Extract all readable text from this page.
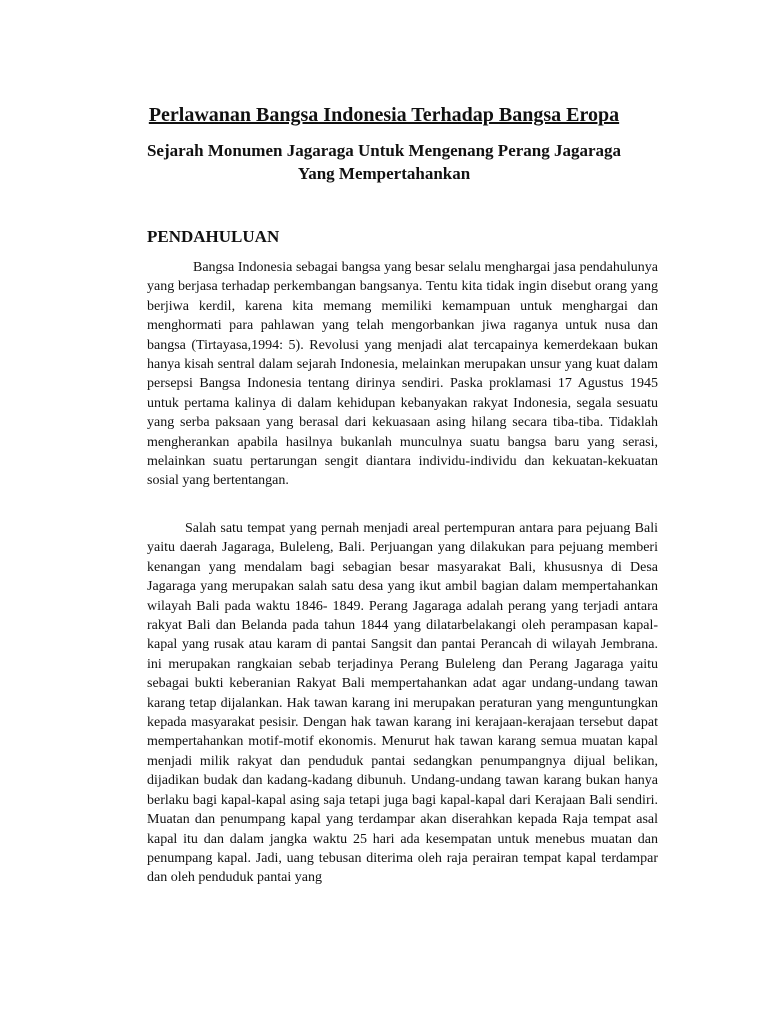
Perlawanan Bangsa Indonesia Terhadap Bangsa Eropa
Sejarah Monumen Jagaraga Untuk Mengenang Perang Jagaraga Yang Mempertahankan
PENDAHULUAN

Bangsa Indonesia sebagai bangsa yang besar selalu menghargai jasa pendahulunya yang berjasa terhadap perkembangan bangsanya. Tentu kita tidak ingin disebut orang yang berjiwa kerdil, karena kita memang memiliki kemampuan untuk menghargai dan menghormati para pahlawan yang telah mengorbankan jiwa raganya untuk nusa dan bangsa (Tirtayasa,1994: 5). Revolusi yang menjadi alat tercapainya kemerdekaan bukan hanya kisah sentral dalam sejarah Indonesia, melainkan merupakan unsur yang kuat dalam persepsi Bangsa Indonesia tentang dirinya sendiri. Paska proklamasi 17 Agustus 1945 untuk pertama kalinya di dalam kehidupan kebanyakan rakyat Indonesia, segala sesuatu yang serba paksaan yang berasal dari kekuasaan asing hilang secara tiba-tiba. Tidaklah mengherankan apabila hasilnya bukanlah munculnya suatu bangsa baru yang serasi, melainkan suatu pertarungan sengit diantara individu-individu dan kekuatan-kekuatan sosial yang bertentangan.

Salah satu tempat yang pernah menjadi areal pertempuran antara para pejuang Bali yaitu daerah Jagaraga, Buleleng, Bali. Perjuangan yang dilakukan para pejuang memberi kenangan yang mendalam bagi sebagian besar masyarakat Bali, khususnya di Desa Jagaraga yang merupakan salah satu desa yang ikut ambil bagian dalam mempertahankan wilayah Bali pada waktu 1846- 1849. Perang Jagaraga adalah perang yang terjadi antara rakyat Bali dan Belanda pada tahun 1844 yang dilatarbelakangi oleh perampasan kapal-kapal yang rusak atau karam di pantai Sangsit dan pantai Perancah di wilayah Jembrana. ini merupakan rangkaian sebab terjadinya Perang Buleleng dan Perang Jagaraga yaitu sebagai bukti keberanian Rakyat Bali mempertahankan adat agar undang-undang tawan karang tetap dijalankan. Hak tawan karang ini merupakan peraturan yang menguntungkan kepada masyarakat pesisir. Dengan hak tawan karang ini kerajaan-kerajaan tersebut dapat mempertahankan motif-motif ekonomis. Menurut hak tawan karang semua muatan kapal menjadi milik rakyat dan penduduk pantai sedangkan penumpangnya dijual belikan, dijadikan budak dan kadang-kadang dibunuh. Undang-undang tawan karang bukan hanya berlaku bagi kapal-kapal asing saja tetapi juga bagi kapal-kapal dari Kerajaan Bali sendiri. Muatan dan penumpang kapal yang terdampar akan diserahkan kepada Raja tempat asal kapal itu dan dalam jangka waktu 25 hari ada kesempatan untuk menebus muatan dan penumpang kapal. Jadi, uang tebusan diterima oleh raja perairan tempat kapal terdampar dan oleh penduduk pantai yang
